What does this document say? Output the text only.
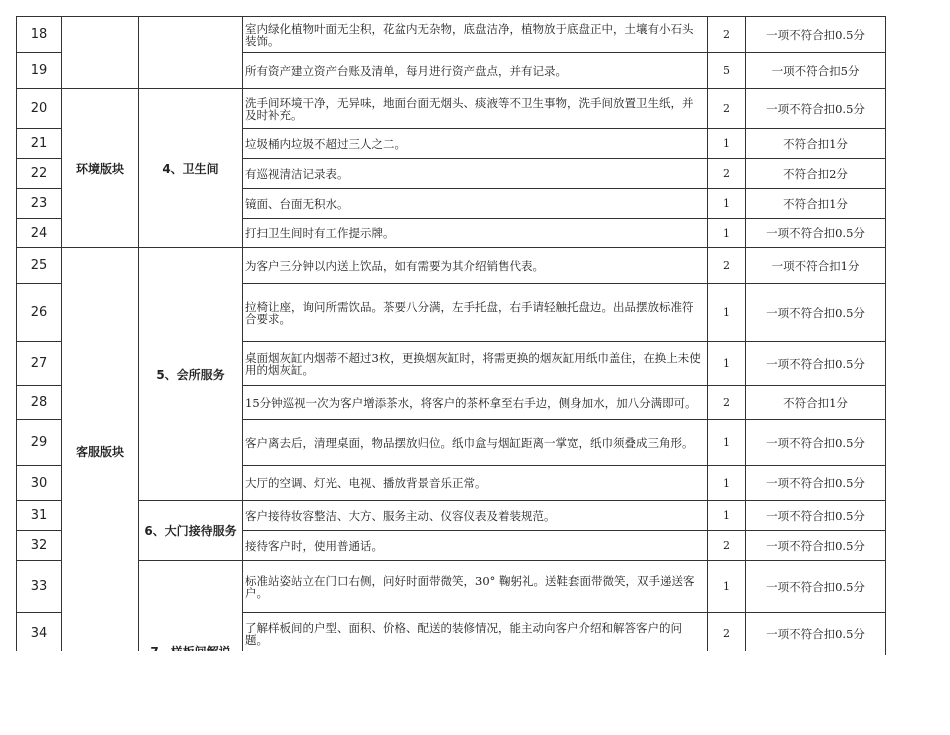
18			室内绿化植物叶面无尘积，花盆内无杂物，底盘洁净，植物放于底盘正中，土壤有小石头装饰。	2	一项不符合扣0.5分
19			所有资产建立资产台账及清单，每月进行资产盘点，并有记录。	5	一项不符合扣5分
20	环境版块	4、卫生间	洗手间环境干净，无异味，地面台面无烟头、痰液等不卫生事物，洗手间放置卫生纸，并及时补充。	2	一项不符合扣0.5分
21			垃圾桶内垃圾不超过三人之二。	1	不符合扣1分
22			有巡视清洁记录表。	2	不符合扣2分
23			镜面、台面无积水。	1	不符合扣1分
24			打扫卫生间时有工作提示牌。	1	一项不符合扣0.5分
25	客服版块	5、会所服务	为客户三分钟以内送上饮品，如有需要为其介绍销售代表。	2	一项不符合扣1分
26			拉椅让座，询问所需饮品。茶要八分满，左手托盘，右手请轻触托盘边。出品摆放标准符合要求。	1	一项不符合扣0.5分
27			桌面烟灰缸内烟蒂不超过3枚，更换烟灰缸时，将需更换的烟灰缸用纸巾盖住，在换上未使用的烟灰缸。	1	一项不符合扣0.5分
28			15分钟巡视一次为客户增添茶水，将客户的茶杯拿至右手边，侧身加水，加八分满即可。	2	不符合扣1分
29			客户离去后，清理桌面，物品摆放归位。纸巾盒与烟缸距离一掌宽，纸巾须叠成三角形。	1	一项不符合扣0.5分
30			大厅的空调、灯光、电视、播放背景音乐正常。	1	一项不符合扣0.5分
31		6、大门接待服务	客户接待妆容整洁、大方、服务主动、仪容仪表及着装规范。	1	一项不符合扣0.5分
32			接待客户时，使用普通话。	2	一项不符合扣0.5分
33			标准站姿站立在门口右侧，问好时面带微笑，30° 鞠躬礼。送鞋套面带微笑，双手递送客户。	1	一项不符合扣0.5分
34			了解样板间的户型、面积、价格、配送的装修情况，能主动向客户介绍和解答客户的问题。	2	一项不符合扣0.5分
